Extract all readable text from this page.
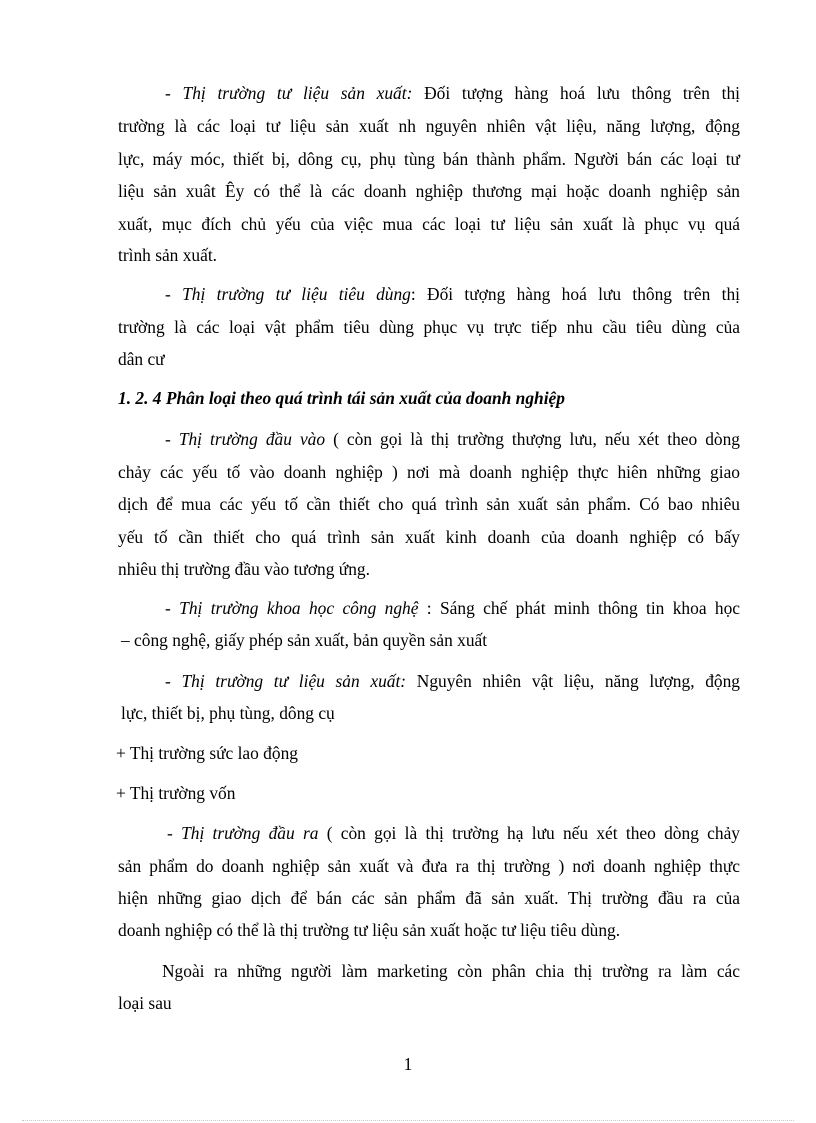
- Thị trường tư liệu sản xuất: Đối tượng hàng hoá lưu thông trên thị
trường là các loại tư liệu sản xuất nh nguyên nhiên vật liệu, năng lượng, động
lực, máy móc, thiết bị, dông cụ, phụ tùng bán thành phẩm. Người bán các loại tư
liệu sản xuât Êy có thể là các doanh nghiệp thương mại hoặc doanh nghiệp sản
xuất, mục đích chủ yếu của việc mua các loại tư liệu sản xuất là phục vụ quá
trình sản xuất.
- Thị trường tư liệu tiêu dùng: Đối tượng hàng hoá lưu thông trên thị
trường là các loại vật phẩm tiêu dùng phục vụ trực tiếp nhu cầu tiêu dùng của
dân cư
1. 2. 4 Phân loại theo quá trình tái sản xuất của doanh nghiệp
- Thị trường đầu vào ( còn gọi là thị trường thượng lưu, nếu xét theo dòng
chảy các yếu tố vào doanh nghiệp ) nơi mà doanh nghiệp thực hiên những giao
dịch để mua các yếu tố cần thiết cho quá trình sản xuất sản phẩm. Có bao nhiêu
yếu tố cần thiết cho quá trình sản xuất kinh doanh của doanh nghiệp có bấy
nhiêu thị trường đầu vào tương ứng.
- Thị trường khoa học công nghệ : Sáng chế phát minh thông tin khoa học
– công nghệ, giấy phép sản xuất, bản quyền sản xuất
- Thị trường tư liệu sản xuất: Nguyên nhiên vật liệu, năng lượng, động
lực, thiết bị, phụ tùng, dông cụ
+ Thị trường sức lao động
+ Thị trường vốn
- Thị trường đầu ra ( còn gọi là thị trường hạ lưu nếu xét theo dòng chảy
sản phẩm do doanh nghiệp sản xuất và đưa ra thị trường ) nơi doanh nghiệp thực
hiện những giao dịch để bán các sản phẩm đã sản xuất. Thị trường đầu ra của
doanh nghiệp có thể là thị trường tư liệu sản xuất hoặc tư liệu tiêu dùng.
Ngoài ra những người làm marketing còn phân chia thị trường ra làm các
loại sau
1
